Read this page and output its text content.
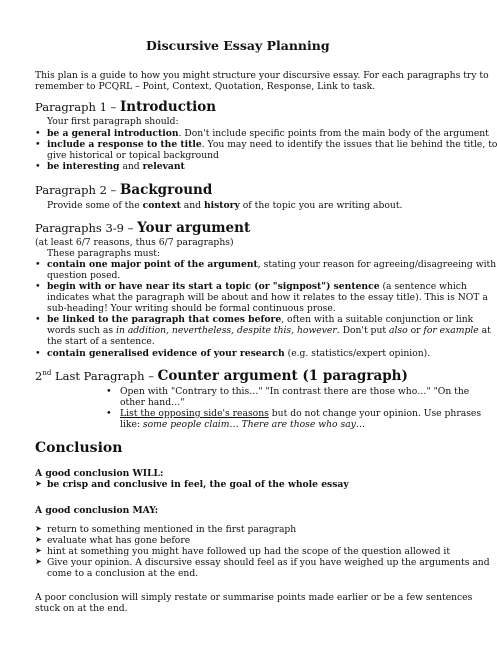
Discursive Essay Planning
This plan is a guide to how you might structure your discursive essay. For each paragraphs try to
remember to PCQRL – Point, Context, Quotation, Response, Link to task.
Paragraph 1 – Introduction
Your first paragraph should:
• be a general introduction. Don't include specific points from the main body of the argument
• include a response to the title. You may need to identify the issues that lie behind the title, to
give historical or topical background
• be interesting and relevant
Paragraph 2 – Background
Provide some of the context and history of the topic you are writing about.
Paragraphs 3-9 – Your argument
(at least 6/7 reasons, thus 6/7 paragraphs)
These paragraphs must:
• contain one major point of the argument, stating your reason for agreeing/disagreeing with
question posed.
• begin with or have near its start a topic (or "signpost") sentence (a sentence which
indicates what the paragraph will be about and how it relates to the essay title). This is NOT a
sub-heading! Your writing should be formal continuous prose.
• be linked to the paragraph that comes before, often with a suitable conjunction or link
words such as in addition, nevertheless, despite this, however. Don't put also or for example at
the start of a sentence.
• contain generalised evidence of your research (e.g. statistics/expert opinion).
2nd Last Paragraph – Counter argument (1 paragraph)
• Open with "Contrary to this…" "In contrast there are those who…" "On the
other hand…"
• List the opposing side's reasons but do not change your opinion. Use phrases
like: some people claim… There are those who say…
Conclusion
A good conclusion WILL:
➤ be crisp and conclusive in feel, the goal of the whole essay
A good conclusion MAY:
➤ return to something mentioned in the first paragraph
➤ evaluate what has gone before
➤ hint at something you might have followed up had the scope of the question allowed it
➤ Give your opinion. A discursive essay should feel as if you have weighed up the arguments and
come to a conclusion at the end.
A poor conclusion will simply restate or summarise points made earlier or be a few sentences
stuck on at the end.
